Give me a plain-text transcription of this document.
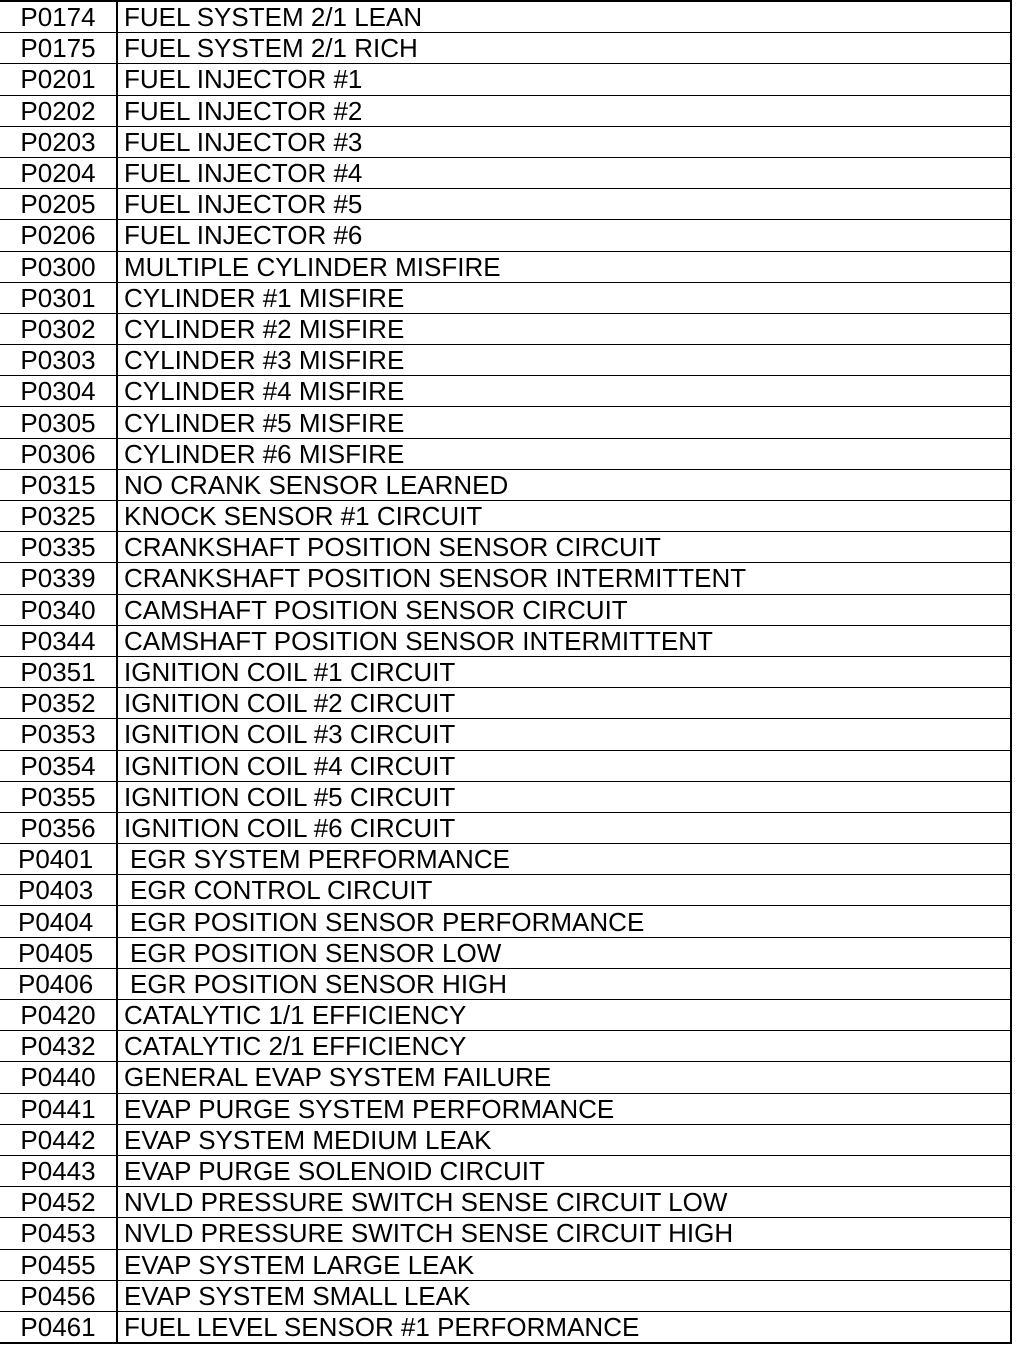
P0174	FUEL SYSTEM 2/1 LEAN
P0175	FUEL SYSTEM 2/1 RICH
P0201	FUEL INJECTOR #1
P0202	FUEL INJECTOR #2
P0203	FUEL INJECTOR #3
P0204	FUEL INJECTOR #4
P0205	FUEL INJECTOR #5
P0206	FUEL INJECTOR #6
P0300	MULTIPLE CYLINDER MISFIRE
P0301	CYLINDER #1 MISFIRE
P0302	CYLINDER #2 MISFIRE
P0303	CYLINDER #3 MISFIRE
P0304	CYLINDER #4 MISFIRE
P0305	CYLINDER #5 MISFIRE
P0306	CYLINDER #6 MISFIRE
P0315	NO CRANK SENSOR LEARNED
P0325	KNOCK SENSOR #1 CIRCUIT
P0335	CRANKSHAFT POSITION SENSOR CIRCUIT
P0339	CRANKSHAFT POSITION SENSOR INTERMITTENT
P0340	CAMSHAFT POSITION SENSOR CIRCUIT
P0344	CAMSHAFT POSITION SENSOR INTERMITTENT
P0351	IGNITION COIL #1 CIRCUIT
P0352	IGNITION COIL #2 CIRCUIT
P0353	IGNITION COIL #3 CIRCUIT
P0354	IGNITION COIL #4 CIRCUIT
P0355	IGNITION COIL #5 CIRCUIT
P0356	IGNITION COIL #6 CIRCUIT
P0401	EGR SYSTEM PERFORMANCE
P0403	EGR CONTROL CIRCUIT
P0404	EGR POSITION SENSOR PERFORMANCE
P0405	EGR POSITION SENSOR LOW
P0406	EGR POSITION SENSOR HIGH
P0420	CATALYTIC 1/1 EFFICIENCY
P0432	CATALYTIC 2/1 EFFICIENCY
P0440	GENERAL EVAP SYSTEM FAILURE
P0441	EVAP PURGE SYSTEM PERFORMANCE
P0442	EVAP SYSTEM MEDIUM LEAK
P0443	EVAP PURGE SOLENOID CIRCUIT
P0452	NVLD PRESSURE SWITCH SENSE CIRCUIT LOW
P0453	NVLD PRESSURE SWITCH SENSE CIRCUIT HIGH
P0455	EVAP SYSTEM LARGE LEAK
P0456	EVAP SYSTEM SMALL LEAK
P0461	FUEL LEVEL SENSOR #1 PERFORMANCE
